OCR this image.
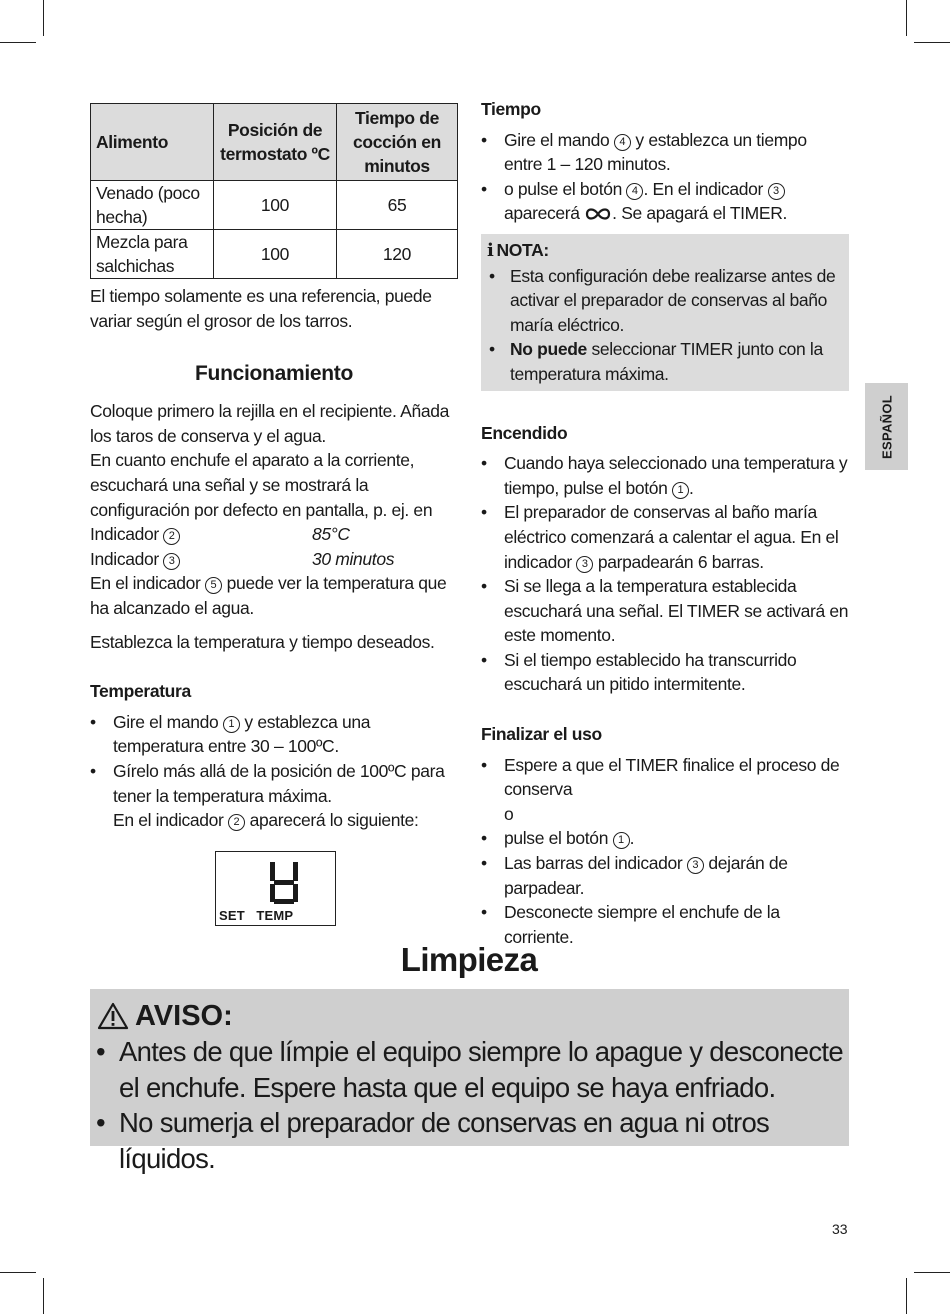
Alimento	Posición de termostato ºC	Tiempo de cocción en minutos
Venado (poco hecha)	100	65
Mezcla para salchichas	100	120

El tiempo solamente es una referencia, puede variar según el grosor de los tarros.

Funcionamiento

Coloque primero la rejilla en el recipiente. Añada los taros de conserva y el agua.

En cuanto enchufe el aparato a la corriente, escuchará una señal y se mostrará la configuración por defecto en pantalla, p. ej. en

Indicador 2	85°C
Indicador 3	30 minutos

En el indicador 5 puede ver la temperatura que ha alcanzado el agua.

Establezca la temperatura y tiempo deseados.

Temperatura
• Gire el mando 1 y establezca una temperatura entre 30 – 100ºC.
• Gírelo más allá de la posición de 100ºC para tener la temperatura máxima.
En el indicador 2 aparecerá lo siguiente:
SET   TEMP
Tiempo
• Gire el mando 4 y establezca un tiempo entre 1 – 120 minutos.
• o pulse el botón 4 . En el indicador 3 aparecerá . Se apagará el TIMER.
i NOTA:
• Esta configuración debe realizarse antes de activar el preparador de conservas al baño maría eléctrico.
• No puede seleccionar TIMER junto con la temperatura máxima.
Encendido
• Cuando haya seleccionado una temperatura y tiempo, pulse el botón 1 .
• El preparador de conservas al baño maría eléctrico comenzará a calentar el agua. En el indicador 3 parpadearán 6 barras.
• Si se llega a la temperatura establecida escuchará una señal. El TIMER se activará en este momento.
• Si el tiempo establecido ha transcurrido escuchará un pitido intermitente.
Finalizar el uso
• Espere a que el TIMER finalice el proceso de conserva
o
• pulse el botón 1 .
• Las barras del indicador 3 dejarán de parpadear.
• Desconecte siempre el enchufe de la corriente.
ESPAÑOL
Limpieza
AVISO:
• Antes de que límpie el equipo siempre lo apague y desconecte el enchufe. Espere hasta que el equipo se haya enfriado.
• No sumerja el preparador de conservas en agua ni otros líquidos.
33
